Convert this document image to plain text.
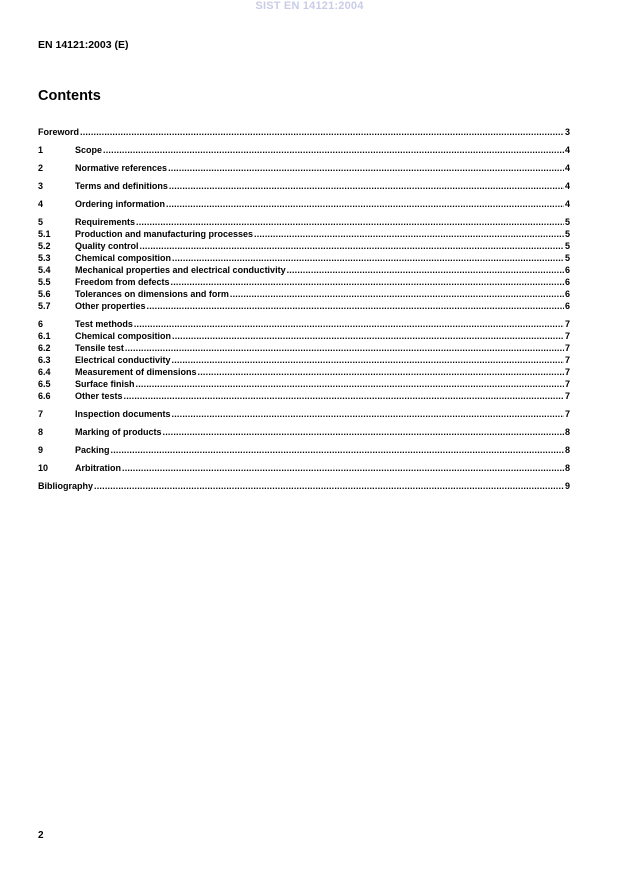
SIST EN 14121:2004
EN 14121:2003 (E)
Contents
Foreword .....	3
1	Scope .....	4
2	Normative references .....	4
3	Terms and definitions .....	4
4	Ordering information .....	4
5	Requirements .....	5
5.1	Production and manufacturing processes .....	5
5.2	Quality control .....	5
5.3	Chemical composition .....	5
5.4	Mechanical properties and electrical conductivity .....	6
5.5	Freedom from defects .....	6
5.6	Tolerances on dimensions and form .....	6
5.7	Other properties .....	6
6	Test methods .....	7
6.1	Chemical composition .....	7
6.2	Tensile test .....	7
6.3	Electrical conductivity .....	7
6.4	Measurement of dimensions .....	7
6.5	Surface finish .....	7
6.6	Other tests .....	7
7	Inspection documents .....	7
8	Marking of products .....	8
9	Packing .....	8
10	Arbitration .....	8
Bibliography .....	9
2
